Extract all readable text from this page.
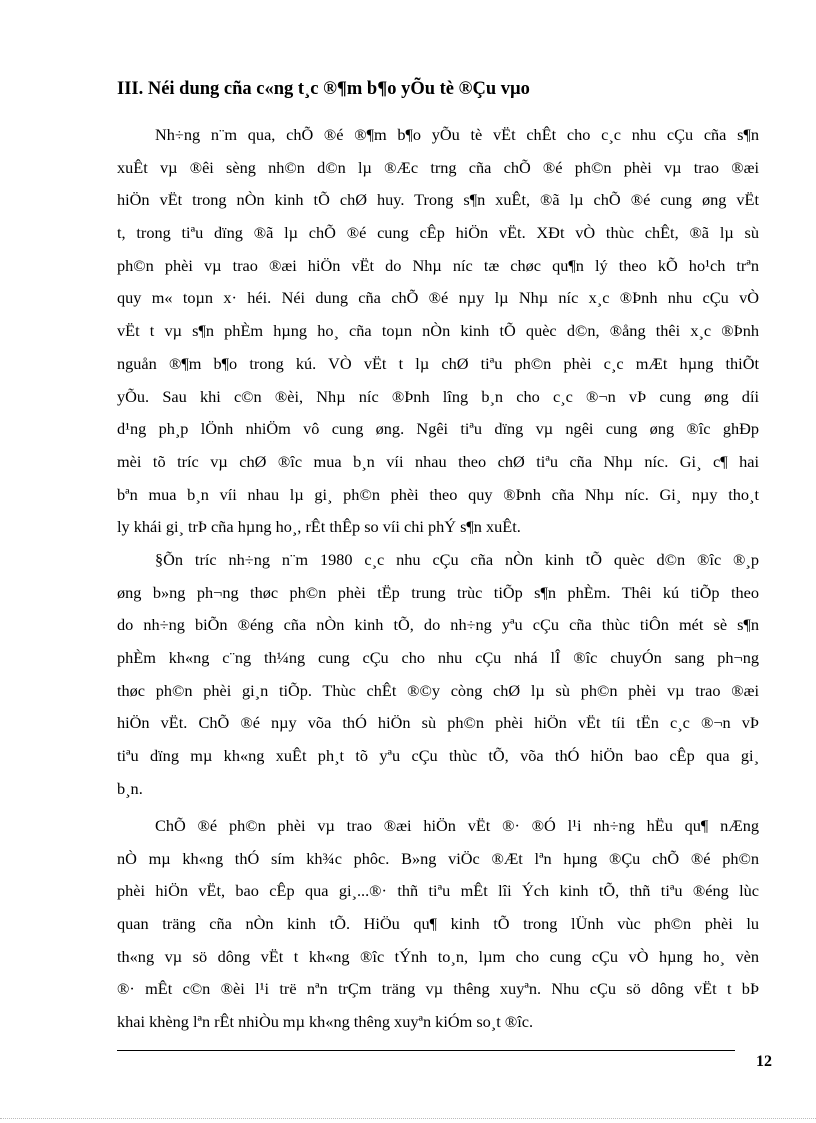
III. Néi dung cña c«ng t¸c ®¶m b¶o yÕu tè ®Çu vµo
Nh÷ng n¨m qua, chÕ ®é ®¶m b¶o yÕu tè vËt chÊt cho c¸c nhu cÇu cña s¶n
xuÊt vµ ®êi sèng nh©n d©n lµ ®Æc trng cña chÕ ®é ph©n phèi vµ trao ®æi
hiÖn vËt trong nÒn kinh tÕ chØ huy. Trong s¶n xuÊt, ®ã lµ chÕ ®é cung øng vËt
t, trong tiªu dïng ®ã lµ chÕ ®é cung cÊp hiÖn vËt. XÐt vÒ thùc chÊt, ®ã lµ sù
ph©n phèi vµ trao ®æi hiÖn vËt do Nhµ níc tæ chøc qu¶n lý theo kÕ ho¹ch trªn
quy m« toµn x· héi. Néi dung cña chÕ ®é nµy lµ Nhµ níc x¸c ®Þnh nhu cÇu vÒ
vËt t vµ s¶n phÈm hµng ho¸ cña toµn nÒn kinh tÕ quèc d©n, ®ång thêi x¸c ®Þnh
nguån ®¶m b¶o trong kú. VÒ vËt t lµ chØ tiªu ph©n phèi c¸c mÆt hµng thiÕt
yÕu. Sau khi c©n ®èi, Nhµ níc ®Þnh lîng b¸n cho c¸c ®¬n vÞ cung øng díi
d¹ng ph¸p lÖnh nhiÖm vô cung øng. Ngêi tiªu dïng vµ ngêi cung øng ®îc ghÐp
mèi tõ tríc vµ chØ ®îc mua b¸n víi nhau theo chØ tiªu cña Nhµ níc. Gi¸ c¶ hai
bªn mua b¸n víi nhau lµ gi¸ ph©n phèi theo quy ®Þnh cña Nhµ níc. Gi¸ nµy tho¸t
ly khái gi¸ trÞ cña hµng ho¸, rÊt thÊp so víi chi phÝ s¶n xuÊt.
§Õn tríc nh÷ng n¨m 1980 c¸c nhu cÇu cña nÒn kinh tÕ quèc d©n ®îc ®¸p
øng b»ng ph¬ng thøc ph©n phèi tËp trung trùc tiÕp s¶n phÈm. Thêi kú tiÕp theo
do nh÷ng biÕn ®éng cña nÒn kinh tÕ, do nh÷ng yªu cÇu cña thùc tiÔn mét sè s¶n
phÈm kh«ng c¨ng th¼ng cung cÇu cho nhu cÇu nhá lÎ ®îc chuyÓn sang ph¬ng
thøc ph©n phèi gi¸n tiÕp. Thùc chÊt ®©y còng chØ lµ sù ph©n phèi vµ trao ®æi
hiÖn vËt. ChÕ ®é nµy võa thÓ hiÖn sù ph©n phèi hiÖn vËt tíi tËn c¸c ®¬n vÞ
tiªu dïng mµ kh«ng xuÊt ph¸t tõ yªu cÇu thùc tÕ, võa thÓ hiÖn bao cÊp qua gi¸
b¸n.
ChÕ ®é ph©n phèi vµ trao ®æi hiÖn vËt ®· ®Ó l¹i nh÷ng hËu qu¶ nÆng
nÒ mµ kh«ng thÓ sím kh¾c phôc. B»ng viÖc ®Æt lªn hµng ®Çu chÕ ®é ph©n
phèi hiÖn vËt, bao cÊp qua gi¸...®· thñ tiªu mÊt lîi Ých kinh tÕ, thñ tiªu ®éng lùc
quan träng cña nÒn kinh tÕ. HiÖu qu¶ kinh tÕ trong lÜnh vùc ph©n phèi lu
th«ng vµ sö dông vËt t kh«ng ®îc tÝnh to¸n, lµm cho cung cÇu vÒ hµng ho¸ vèn
®· mÊt c©n ®èi l¹i trë nªn trÇm träng vµ thêng xuyªn. Nhu cÇu sö dông vËt t bÞ
khai khèng lªn rÊt nhiÒu mµ kh«ng thêng xuyªn kiÓm so¸t ®îc.
12
